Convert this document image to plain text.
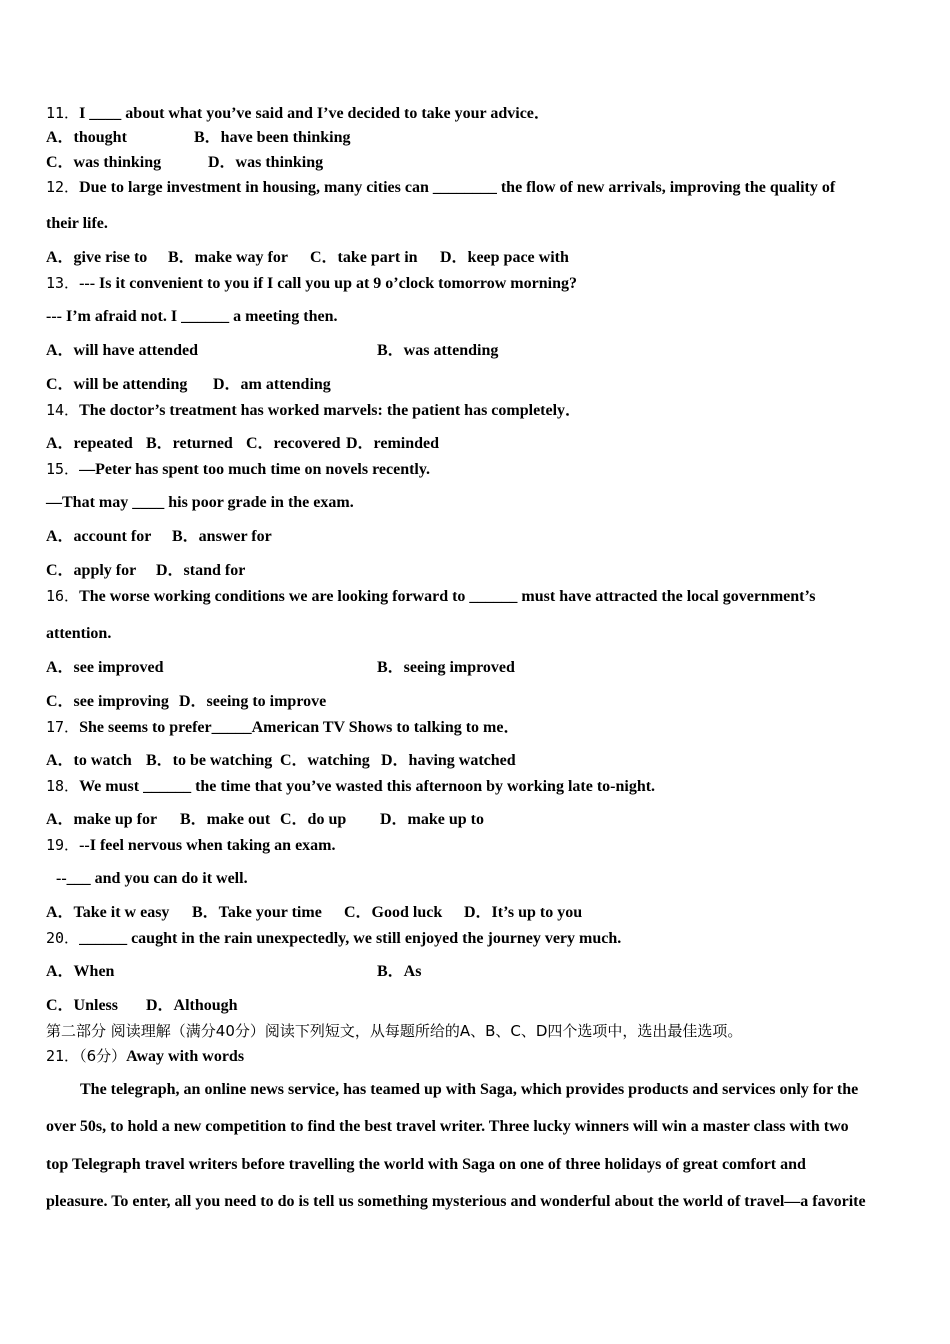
11．I ____ about what you’ve said and I’ve decided to take your advice．
A．thought	B．have been thinking
C．was thinking	D．was thinking
12．Due to large investment in housing, many cities can ________ the flow of new arrivals, improving the quality of
their life.
A．give rise to B．make way for C．take part in D．keep pace with
13．--- Is it convenient to you if I call you up at 9 o’clock tomorrow morning?
--- I’m afraid not. I ______ a meeting then.
A．will have attended	B．was attending
C．will be attending D．am attending
14．The doctor’s treatment has worked marvels: the patient has completely．
A．repeated B．returned C．recovered D．reminded
15．—Peter has spent too much time on novels recently.
—That may ____ his poor grade in the exam.
A．account for B．answer for
C．apply for D．stand for
16．The worse working conditions we are looking forward to ______ must have attracted the local government’s
attention.
A．see improved	B．seeing improved
C．see improving D．seeing to improve
17．She seems to prefer_____American TV Shows to talking to me．
A．to watch B．to be watching C．watching D．having watched
18．We must ______ the time that you’ve wasted this afternoon by working late to-night.
A．make up for B．make out C．do up D．make up to
19．--I feel nervous when taking an exam.
--___ and you can do it well.
A．Take it w easy B．Take your time C．Good luck D．It’s up to you
20．______ caught in the rain unexpectedly, we still enjoyed the journey very much.
A．When	B．As
C．Unless D．Although
第二部分 阅读理解（满分40分）阅读下列短文，从每题所给的A、B、C、D四个选项中，选出最佳选项。
21．（6分）Away with words
The telegraph, an online news service, has teamed up with Saga, which provides products and services only for the
over 50s, to hold a new competition to find the best travel writer. Three lucky winners will win a master class with two
top Telegraph travel writers before travelling the world with Saga on one of three holidays of great comfort and
pleasure. To enter, all you need to do is tell us something mysterious and wonderful about the world of travel—a favorite
